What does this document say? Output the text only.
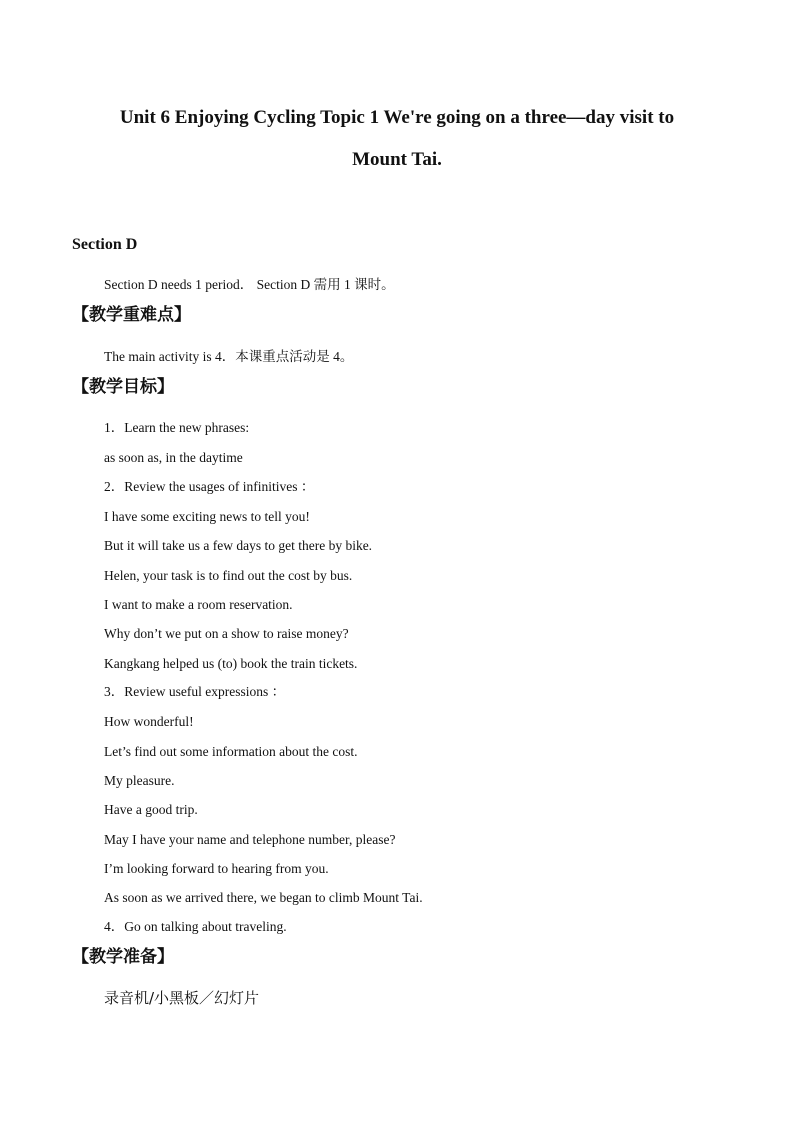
Unit 6 Enjoying Cycling Topic 1 We're going on a three—day visit to
Mount Tai.
Section D
Section D needs 1 period． Section D 需用 1 课时。
【教学重难点】
The main activity is 4．本课重点活动是 4。
【教学目标】
1．Learn the new phrases:
as soon as, in the daytime
2．Review the usages of infinitives ：
I have some exciting news to tell you!
But it will take us a few days to get there by bike.
Helen, your task is to find out the cost by bus.
I want to make a room reservation.
Why don’t we put on a show to raise money?
Kangkang helped us (to) book the train tickets.
3．Review useful expressions ：
How wonderful!
Let’s find out some information about the cost.
My pleasure.
Have a good trip.
May I have your name and telephone number, please?
I’m looking forward to hearing from you.
As soon as we arrived there, we began to climb Mount Tai.
4．Go on talking about traveling.
【教学准备】
录音机/小黑板／幻灯片
